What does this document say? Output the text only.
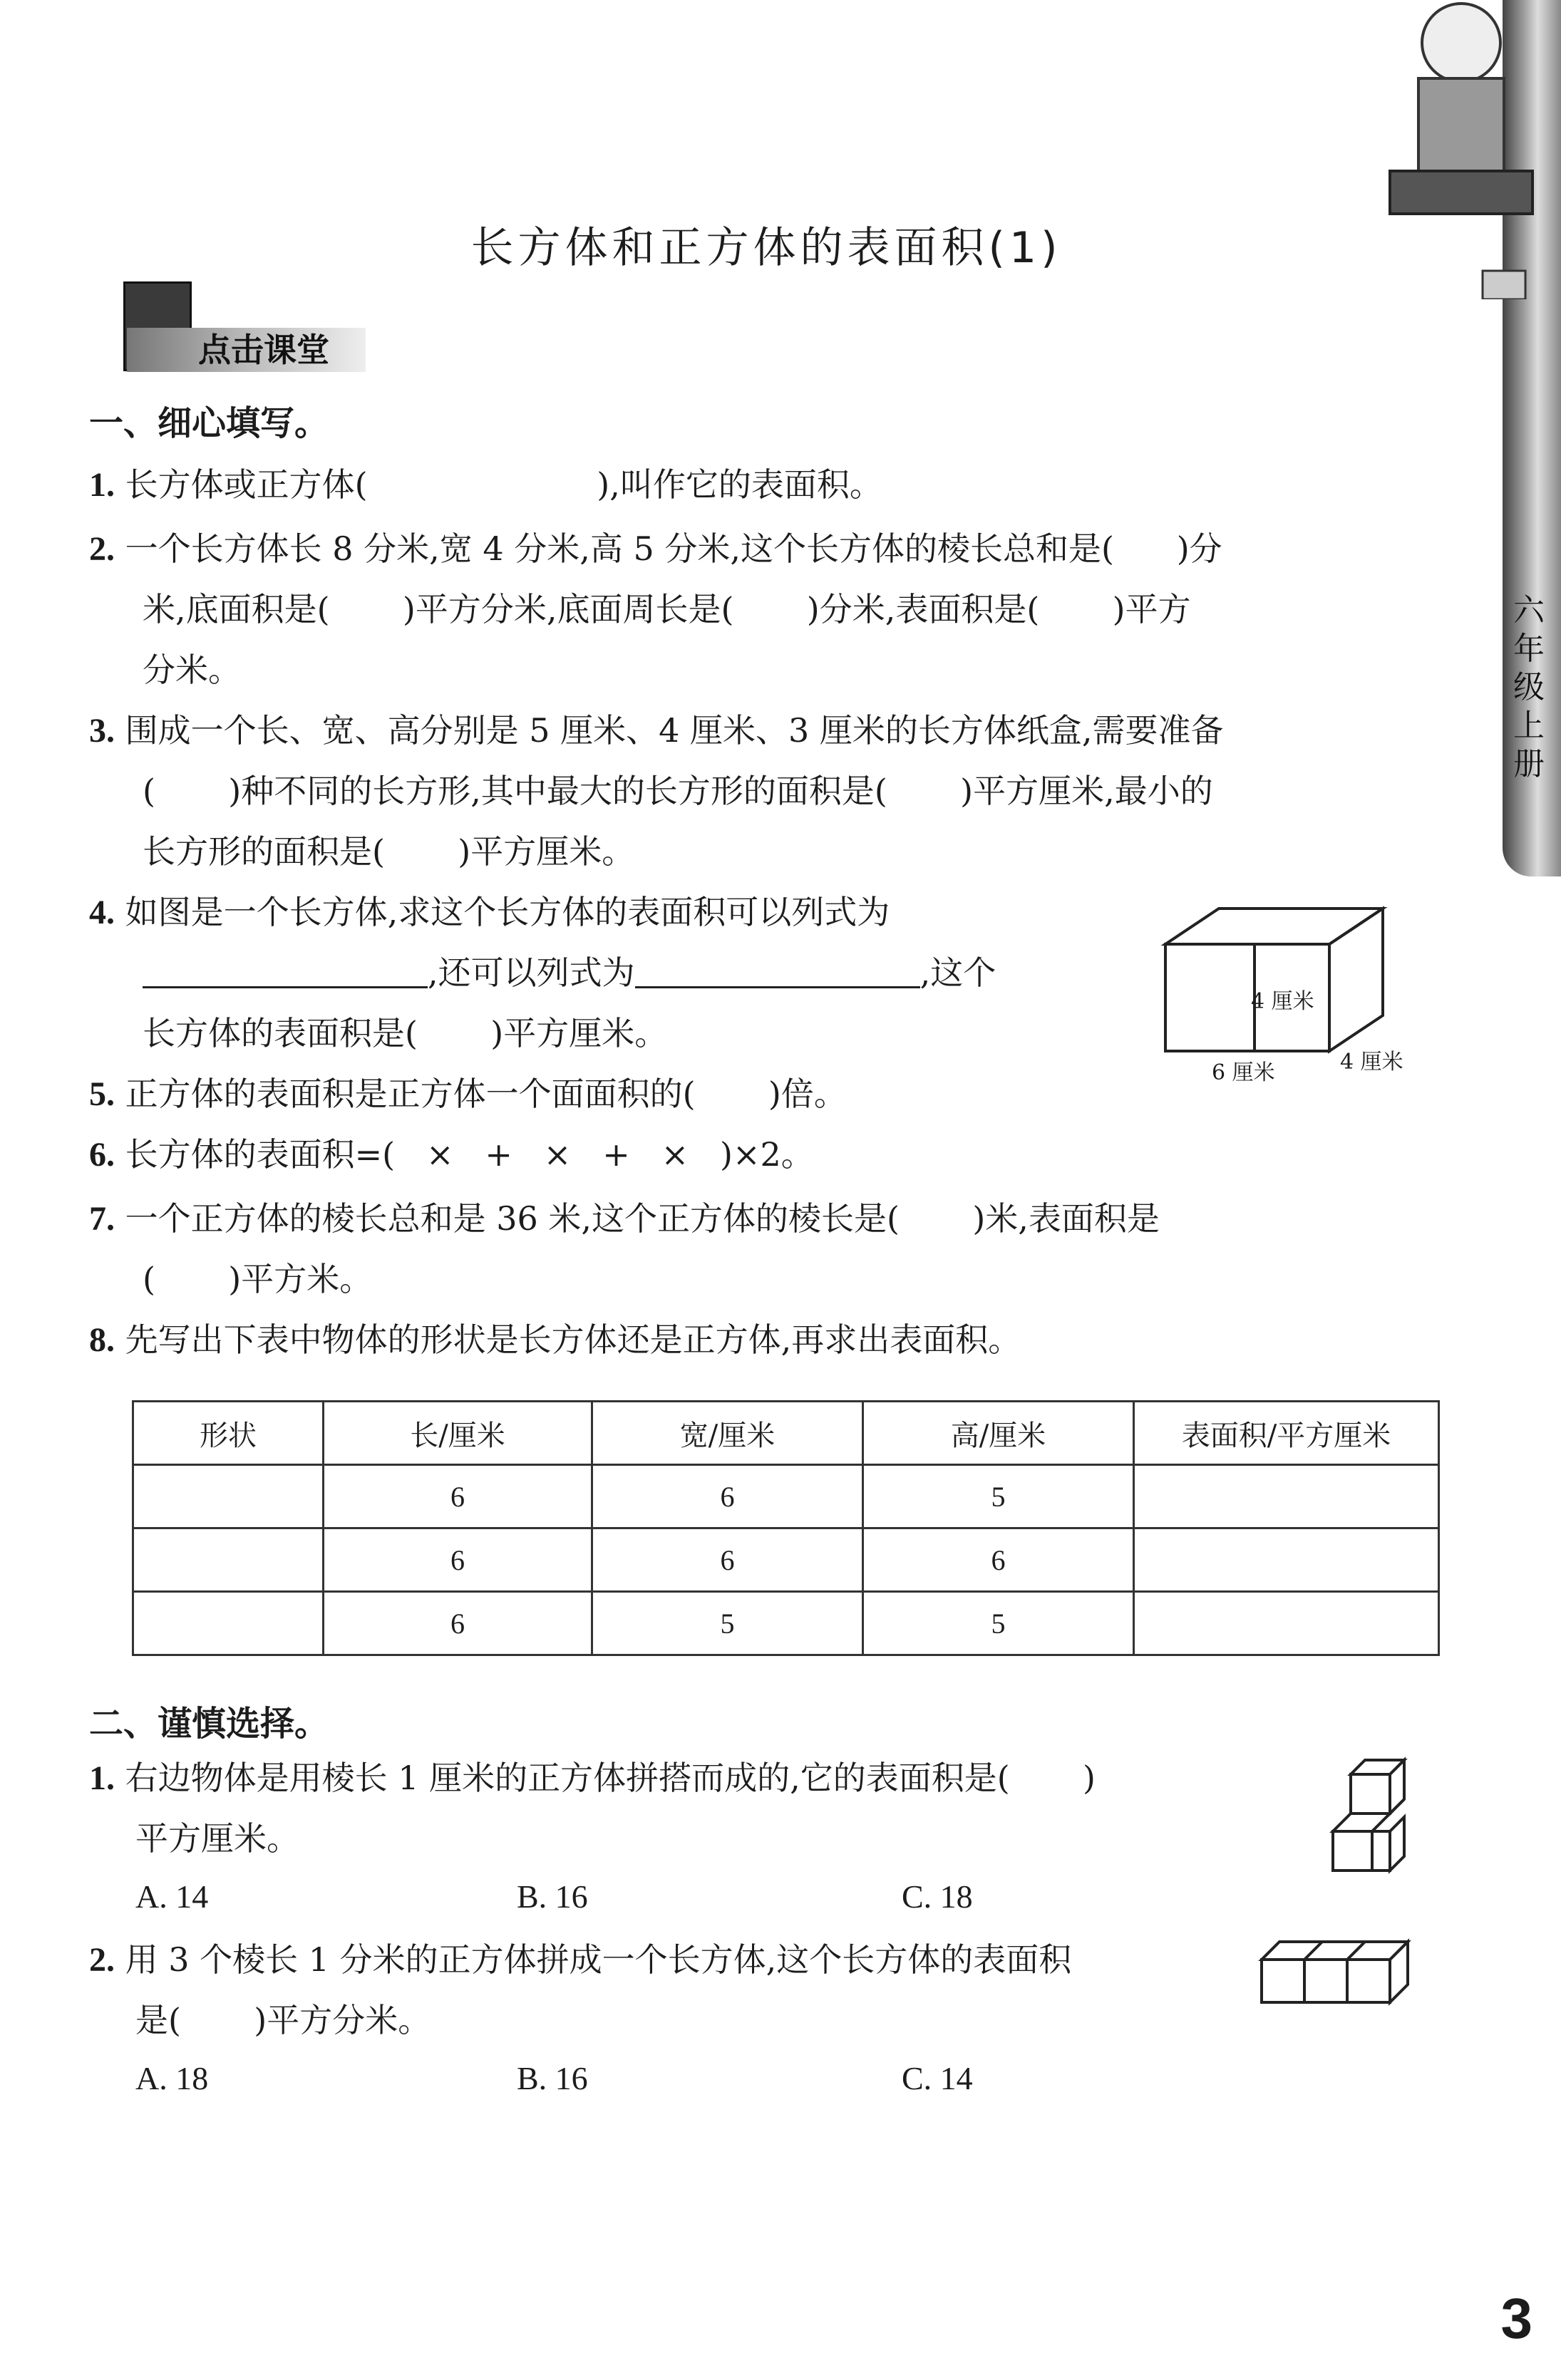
六
年
级
上
册
长方体和正方体的表面积(1)
点击课堂
一、细心填写。
1. 长方体或正方体(                      ),叫作它的表面积。
2. 一个长方体长 8 分米,宽 4 分米,高 5 分米,这个长方体的棱长总和是(      )分
米,底面积是(       )平方分米,底面周长是(       )分米,表面积是(       )平方
分米。
3. 围成一个长、宽、高分别是 5 厘米、4 厘米、3 厘米的长方体纸盒,需要准备
(       )种不同的长方形,其中最大的长方形的面积是(       )平方厘米,最小的
长方形的面积是(       )平方厘米。
4. 如图是一个长方体,求这个长方体的表面积可以列式为
,还可以列式为	,这个
长方体的表面积是(       )平方厘米。
5. 正方体的表面积是正方体一个面面积的(       )倍。
6. 长方体的表面积=(   ×   +   ×   +   ×   )×2。
7. 一个正方体的棱长总和是 36 米,这个正方体的棱长是(       )米,表面积是
(       )平方米。
8. 先写出下表中物体的形状是长方体还是正方体,再求出表面积。
4 厘米
6 厘米	4 厘米
形状	长/厘米	宽/厘米	高/厘米	表面积/平方厘米
	6	6	5	
	6	6	6	
	6	5	5	
二、谨慎选择。
1. 右边物体是用棱长 1 厘米的正方体拼搭而成的,它的表面积是(       )
平方厘米。
A. 14	B. 16	C. 18
2. 用 3 个棱长 1 分米的正方体拼成一个长方体,这个长方体的表面积
是(       )平方分米。
A. 18	B. 16	C. 14
3
